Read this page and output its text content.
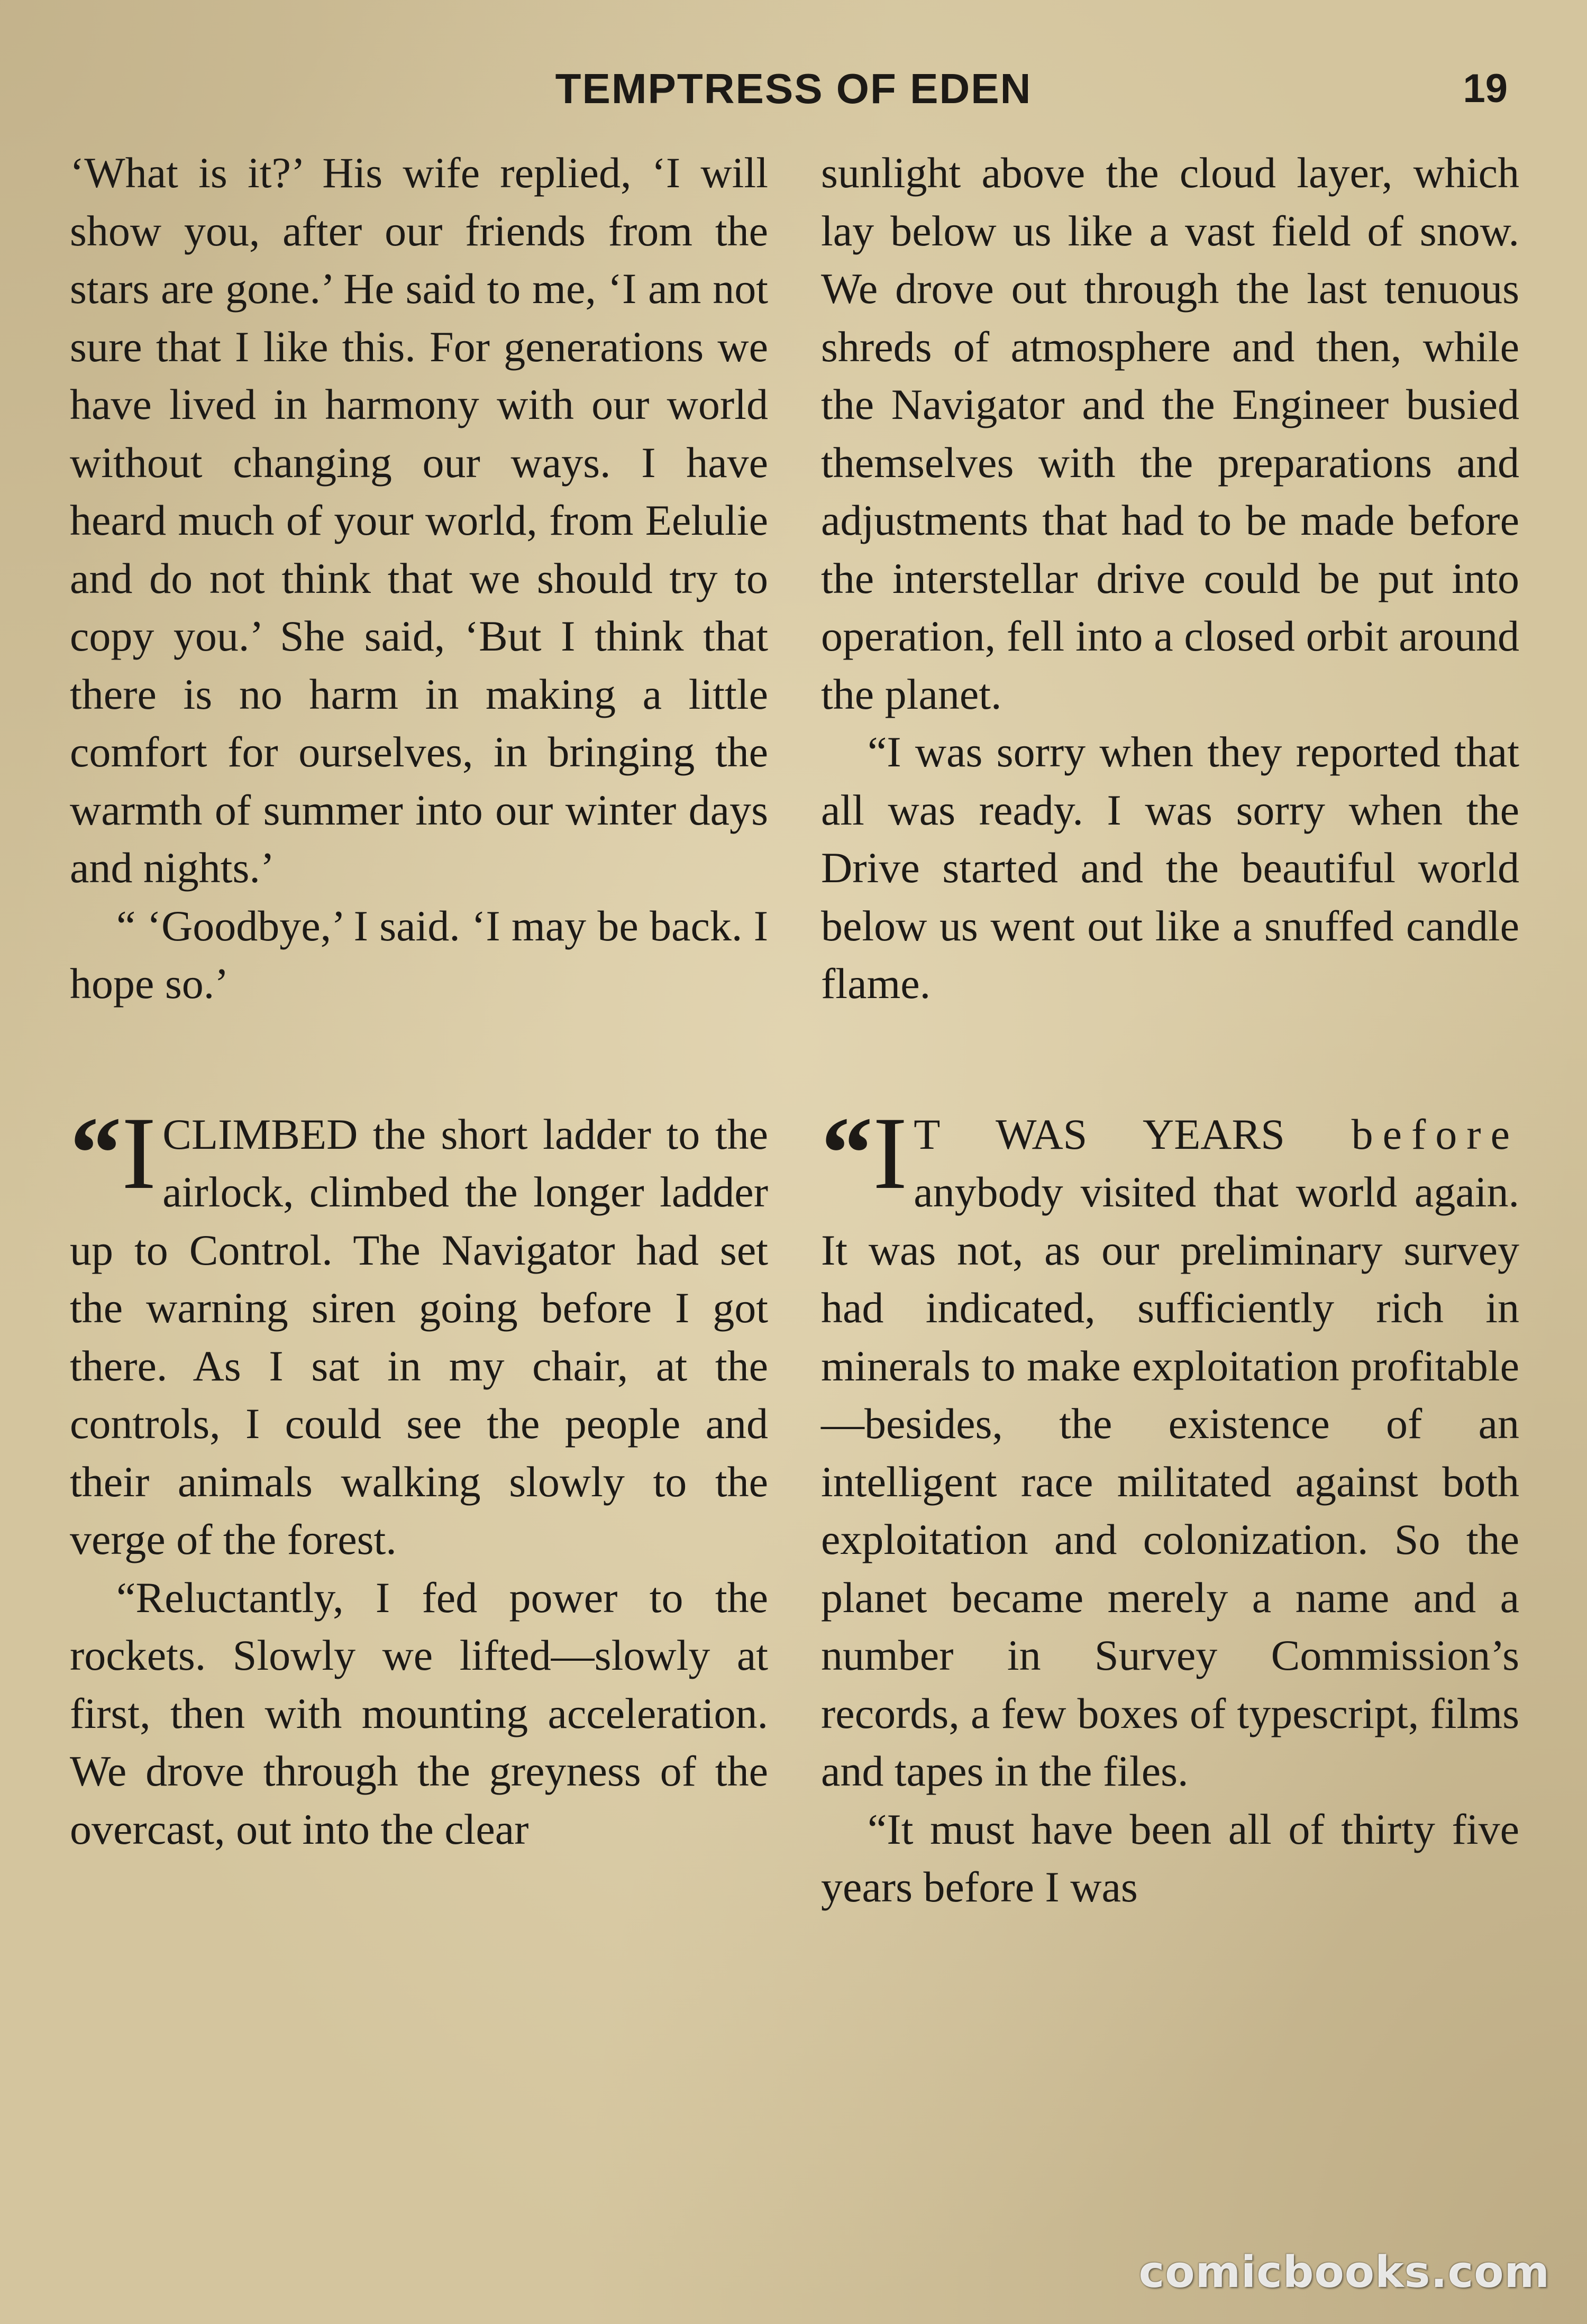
TEMPTRESS OF EDEN	19

‘What is it?’ His wife replied, ‘I will show you, after our friends from the stars are gone.’ He said to me, ‘I am not sure that I like this. For generations we have lived in harmony with our world without changing our ways. I have heard much of your world, from Eelulie and do not think that we should try to copy you.’ She said, ‘But I think that there is no harm in making a little comfort for ourselves, in bringing the warmth of summer into our winter days and nights.’

“ ‘Goodbye,’ I said. ‘I may be back. I hope so.’

“I CLIMBED the short ladder to the airlock, climbed the longer ladder up to Control. The Navigator had set the warning siren going before I got there. As I sat in my chair, at the controls, I could see the people and their animals walking slowly to the verge of the forest.

“Reluctantly, I fed power to the rockets. Slowly we lifted—slowly at first, then with mounting acceleration. We drove through the greyness of the overcast, out into the clear

sunlight above the cloud layer, which lay below us like a vast field of snow. We drove out through the last tenuous shreds of atmosphere and then, while the Navigator and the Engineer busied themselves with the preparations and adjustments that had to be made before the interstellar drive could be put into operation, fell into a closed orbit around the planet.

“I was sorry when they reported that all was ready. I was sorry when the Drive started and the beautiful world below us went out like a snuffed candle flame.

“I T WAS YEARS before anybody visited that world again. It was not, as our preliminary survey had indicated, sufficiently rich in minerals to make exploitation profitable—besides, the existence of an intelligent race militated against both exploitation and colonization. So the planet became merely a name and a number in Survey Commission’s records, a few boxes of typescript, films and tapes in the files.

“It must have been all of thirty five years before I was

comicbooks.com
